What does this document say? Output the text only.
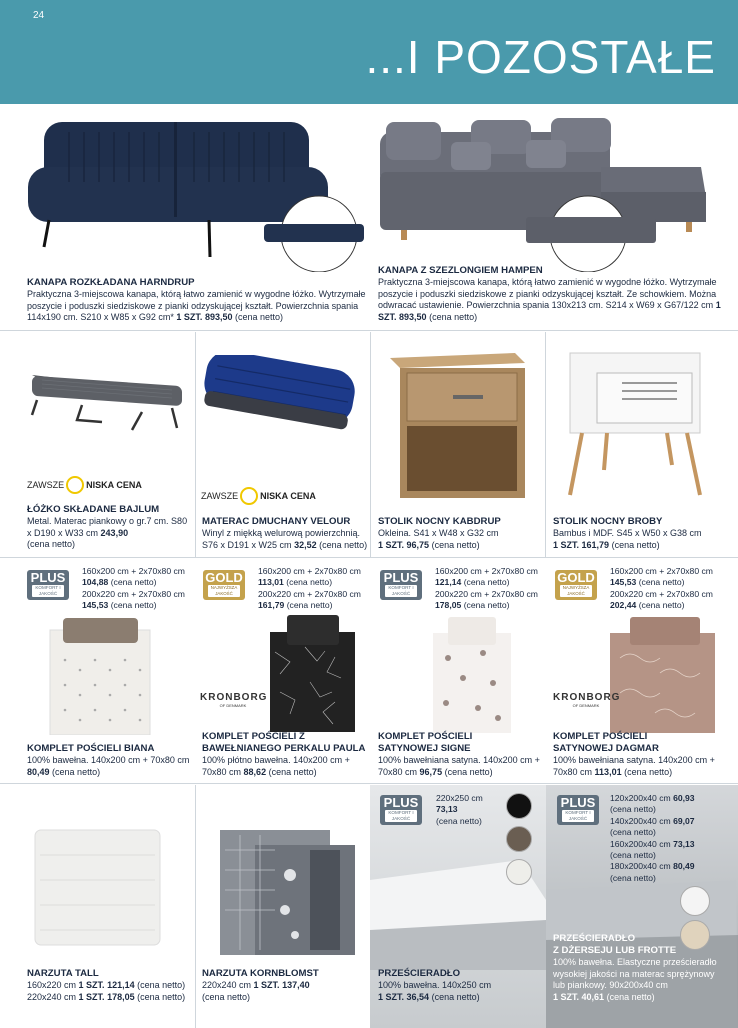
24
...I POZOSTAŁE
KANAPA ROZKŁADANA HARNDRUP
Praktyczna 3-miejscowa kanapa, którą łatwo zamienić w wygodne łóżko. Wytrzymałe poszycie i poduszki siedziskowe z pianki odzyskującej kształt. Powierzchnia spania 114x190 cm. S210 x W85 x G92 cm* 1 SZT. 893,50 (cena netto)
KANAPA Z SZEZLONGIEM HAMPEN
Praktyczna 3-miejscowa kanapa, którą łatwo zamienić w wygodne łóżko. Wytrzymałe poszycie i poduszki siedziskowe z pianki odzyskującej kształt. Ze schowkiem. Można odwracać ustawienie. Powierzchnia spania 130x213 cm. S214 x W69 x G67/122 cm 1 SZT. 893,50 (cena netto)
ZAWSZE NISKA CENA
ŁÓŻKO SKŁADANE BAJLUM
Metal. Materac piankowy o gr.7 cm. S80 x D190 x W33 cm 243,90
(cena netto)
ZAWSZE NISKA CENA
MATERAC DMUCHANY VELOUR
Winyl z miękką welurową powierzchnią. S76 x D191 x W25 cm 32,52 (cena netto)
STOLIK NOCNY KABDRUP
Okleina. S41 x W48 x G32 cm
1 SZT. 96,75 (cena netto)
STOLIK NOCNY BROBY
Bambus i MDF. S45 x W50 x G38 cm
1 SZT. 161,79 (cena netto)
PLUS
KOMFORT I JAKOŚĆ
160x200 cm + 2x70x80 cm
104,88 (cena netto)
200x220 cm + 2x70x80 cm
145,53 (cena netto)
KOMPLET POŚCIELI BIANA
100% bawełna. 140x200 cm + 70x80 cm
80,49 (cena netto)
GOLD
NAJWYŻSZA JAKOŚĆ
160x200 cm + 2x70x80 cm
113,01 (cena netto)
200x220 cm + 2x70x80 cm
161,79 (cena netto)
KRONBORG
OF DENMARK
KOMPLET POŚCIELI Z
BAWEŁNIANEGO PERKALU PAULA
100% płótno bawełna. 140x200 cm + 70x80 cm 88,62 (cena netto)
PLUS
KOMFORT I JAKOŚĆ
160x200 cm + 2x70x80 cm
121,14 (cena netto)
200x220 cm + 2x70x80 cm
178,05 (cena netto)
KOMPLET POŚCIELI
SATYNOWEJ SIGNE
100% bawełniana satyna. 140x200 cm + 70x80 cm 96,75 (cena netto)
GOLD
NAJWYŻSZA JAKOŚĆ
160x200 cm + 2x70x80 cm
145,53 (cena netto)
200x220 cm + 2x70x80 cm
202,44 (cena netto)
KRONBORG
OF DENMARK
KOMPLET POŚCIELI
SATYNOWEJ DAGMAR
100% bawełniana satyna. 140x200 cm + 70x80 cm 113,01 (cena netto)
NARZUTA TALL
160x220 cm 1 SZT. 121,14 (cena netto)
220x240 cm 1 SZT. 178,05 (cena netto)
NARZUTA KORNBLOMST
220x240 cm 1 SZT. 137,40
(cena netto)
PLUS
KOMFORT I JAKOŚĆ
220x250 cm
73,13
(cena netto)
PRZEŚCIERADŁO
100% bawełna. 140x250 cm
1 SZT. 36,54 (cena netto)
PLUS
KOMFORT I JAKOŚĆ
120x200x40 cm 60,93
(cena netto)
140x200x40 cm 69,07
(cena netto)
160x200x40 cm 73,13
(cena netto)
180x200x40 cm 80,49
(cena netto)
PRZEŚCIERADŁO
Z DŻERSEJU LUB FROTTE
100% bawełna. Elastyczne prześcieradło wysokiej jakości na materac sprężynowy lub piankowy. 90x200x40 cm
1 SZT. 40,61 (cena netto)
